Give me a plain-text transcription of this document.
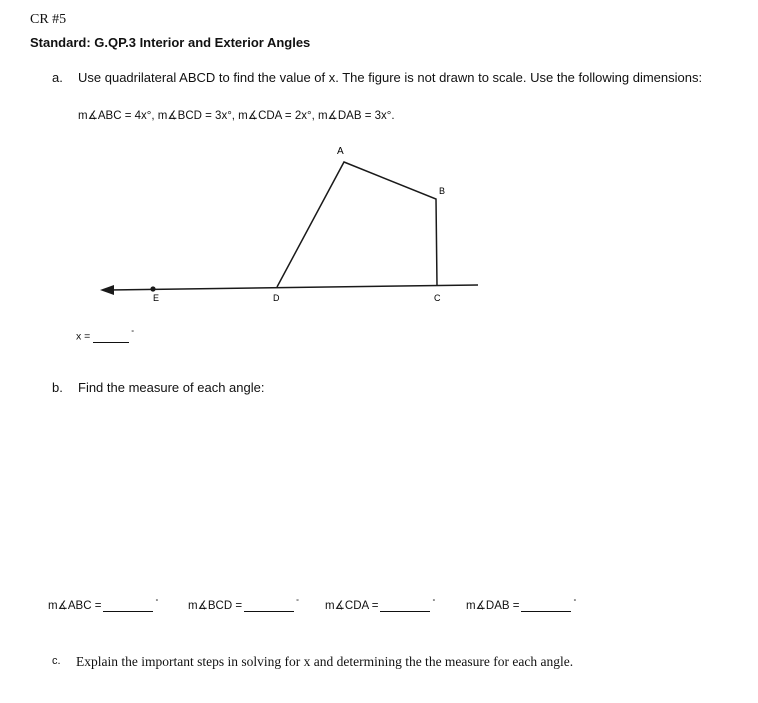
CR #5
Standard: G.QP.3 Interior and Exterior Angles
a. Use quadrilateral ABCD to find the value of x. The figure is not drawn to scale. Use the following dimensions:
m∡ABC = 4x°, m∡BCD = 3x°, m∡CDA = 2x°, m∡DAB = 3x°.
A
B
C
D
E
x =	°
b. Find the measure of each angle:
m∡ABC =	°	m∡BCD =	° m∡CDA =	°	m∡DAB =	°
c. Explain the important steps in solving for x and determining the the measure for each angle.
